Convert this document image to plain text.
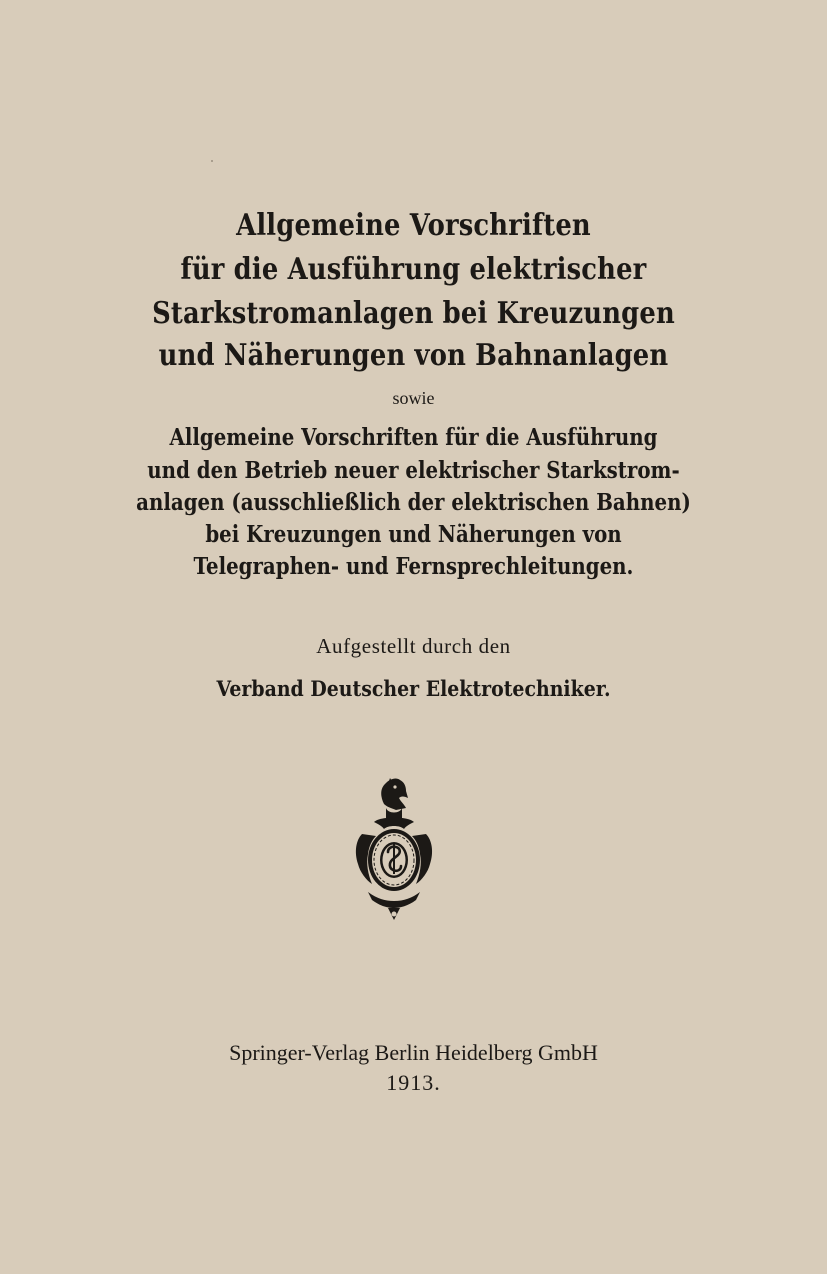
Allgemeine Vorschriften
für die Ausführung elektrischer
Starkstromanlagen bei Kreuzungen
und Näherungen von Bahnanlagen
sowie
Allgemeine Vorschriften für die Ausführung
und den Betrieb neuer elektrischer Starkstrom-
anlagen (ausschließlich der elektrischen Bahnen)
bei Kreuzungen und Näherungen von
Telegraphen- und Fernsprechleitungen.
Aufgestellt durch den
Verband Deutscher Elektrotechniker.
Springer-Verlag Berlin Heidelberg GmbH
1913.
